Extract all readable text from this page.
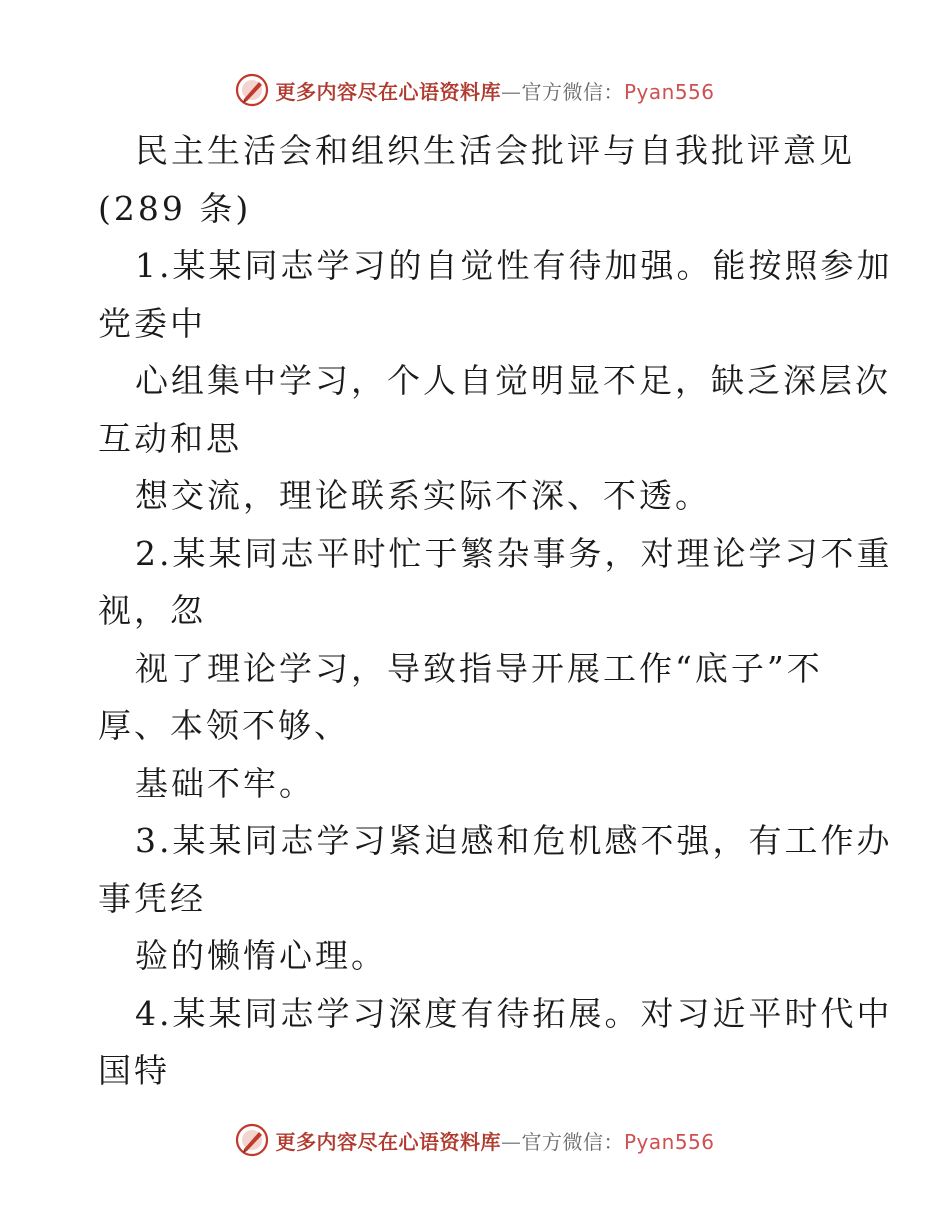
更多内容尽在心语资料库—官方微信：Pyan556
民主生活会和组织生活会批评与自我批评意见
(289 条)
1.某某同志学习的自觉性有待加强。能按照参加
党委中
心组集中学习，个人自觉明显不足，缺乏深层次
互动和思
想交流，理论联系实际不深、不透。
2.某某同志平时忙于繁杂事务，对理论学习不重
视，忽
视了理论学习，导致指导开展工作“底子”不
厚、本领不够、
基础不牢。
3.某某同志学习紧迫感和危机感不强，有工作办
事凭经
验的懒惰心理。
4.某某同志学习深度有待拓展。对习近平时代中
国特
更多内容尽在心语资料库—官方微信：Pyan556
